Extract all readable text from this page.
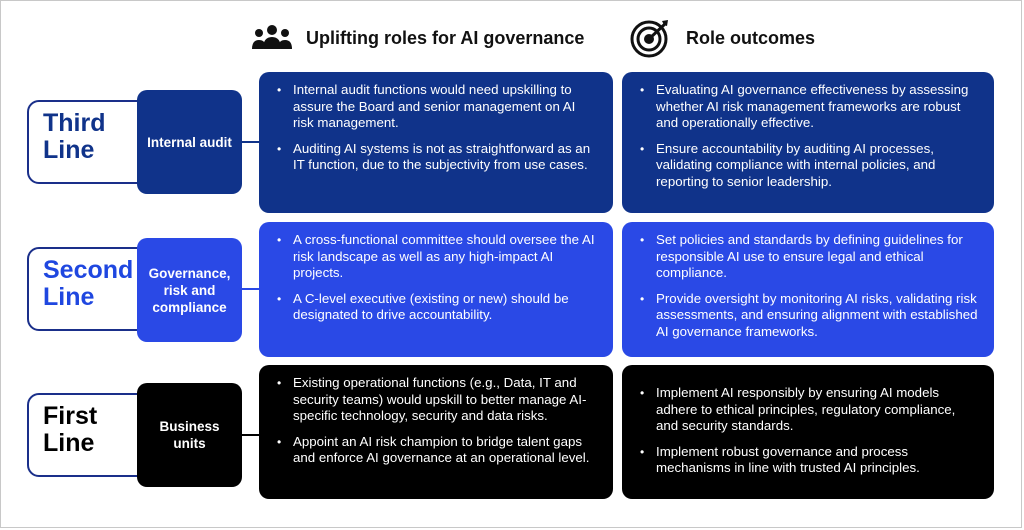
Uplifting roles for AI governance	Role outcomes
Third Line	Internal audit
• Internal audit functions would need upskilling to assure the Board and senior management on AI risk management.
• Auditing AI systems is not as straightforward as an IT function, due to the subjectivity from use cases.
• Evaluating AI governance effectiveness by assessing whether AI risk management frameworks are robust and operationally effective.
• Ensure accountability by auditing AI processes, validating compliance with internal policies, and reporting to senior leadership.
Second Line
Governance, risk and compliance
• A cross-functional committee should oversee the AI risk landscape as well as any high-impact AI projects.
• A C-level executive (existing or new) should be designated to drive accountability.
• Set policies and standards by defining guidelines for responsible AI use to ensure legal and ethical compliance.
• Provide oversight by monitoring AI risks, validating risk assessments, and ensuring alignment with established AI governance frameworks.
First Line
Business units
• Existing operational functions (e.g., Data, IT and security teams) would upskill to better manage AI-specific technology, security and data risks.
• Appoint an AI risk champion to bridge talent gaps and enforce AI governance at an operational level.
• Implement AI responsibly by ensuring AI models adhere to ethical principles, regulatory compliance, and security standards.
• Implement robust governance and process mechanisms in line with trusted AI principles.
